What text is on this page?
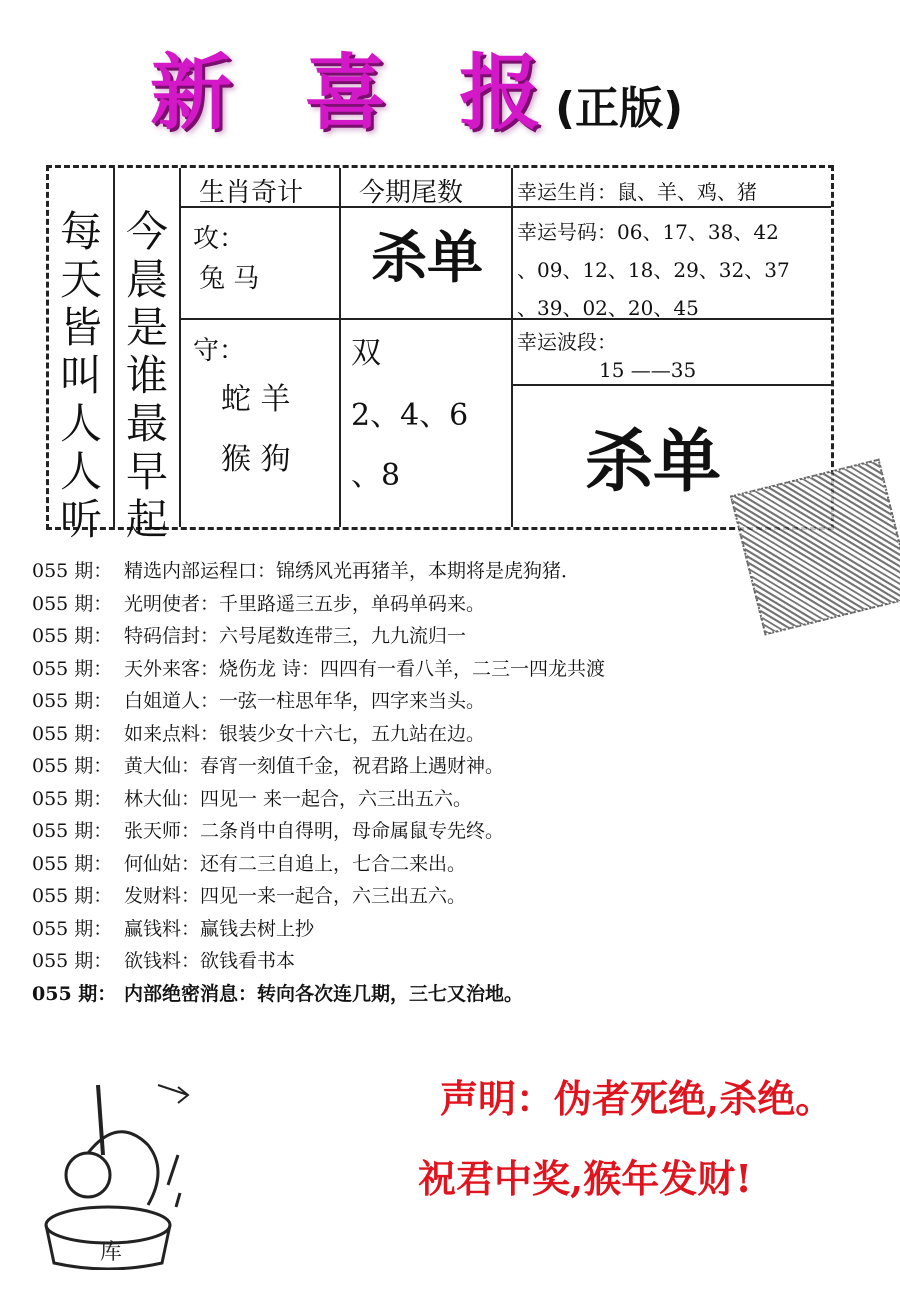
新 喜 报
(正版)
每天皆叫人人听
今晨是谁最早起
生肖奇计 今期尾数	幸运生肖：鼠、羊、鸡、猪
攻：
兔 马 杀单 幸运号码：06、17、38、42
、09、12、18、29、32、37
、39、02、20、45
守：
蛇 羊
猴 狗
双
2、4、6
、8
幸运波段：
15 ——35
杀单
055 期： 精选内部运程口：锦绣风光再猪羊，本期将是虎狗猪．
055 期： 光明使者：千里路遥三五步，单码单码来。
055 期： 特码信封：六号尾数连带三，九九流归一
055 期： 天外来客：烧伤龙 诗：四四有一看八羊，二三一四龙共渡
055 期： 白姐道人：一弦一柱思年华，四字来当头。
055 期： 如来点料：银装少女十六七，五九站在边。
055 期： 黄大仙：春宵一刻值千金，祝君路上遇财神。
055 期： 林大仙：四见一 来一起合，六三出五六。
055 期： 张天师：二条肖中自得明，母命属鼠专先终。
055 期： 何仙姑：还有二三自追上，七合二来出。
055 期： 发财料：四见一来一起合，六三出五六。
055 期： 赢钱料：赢钱去树上抄
055 期： 欲钱料：欲钱看书本
055 期： 内部绝密消息：转向各次连几期，三七又治地。
库
声明：伪者死绝,杀绝。
祝君中奖,猴年发财!
